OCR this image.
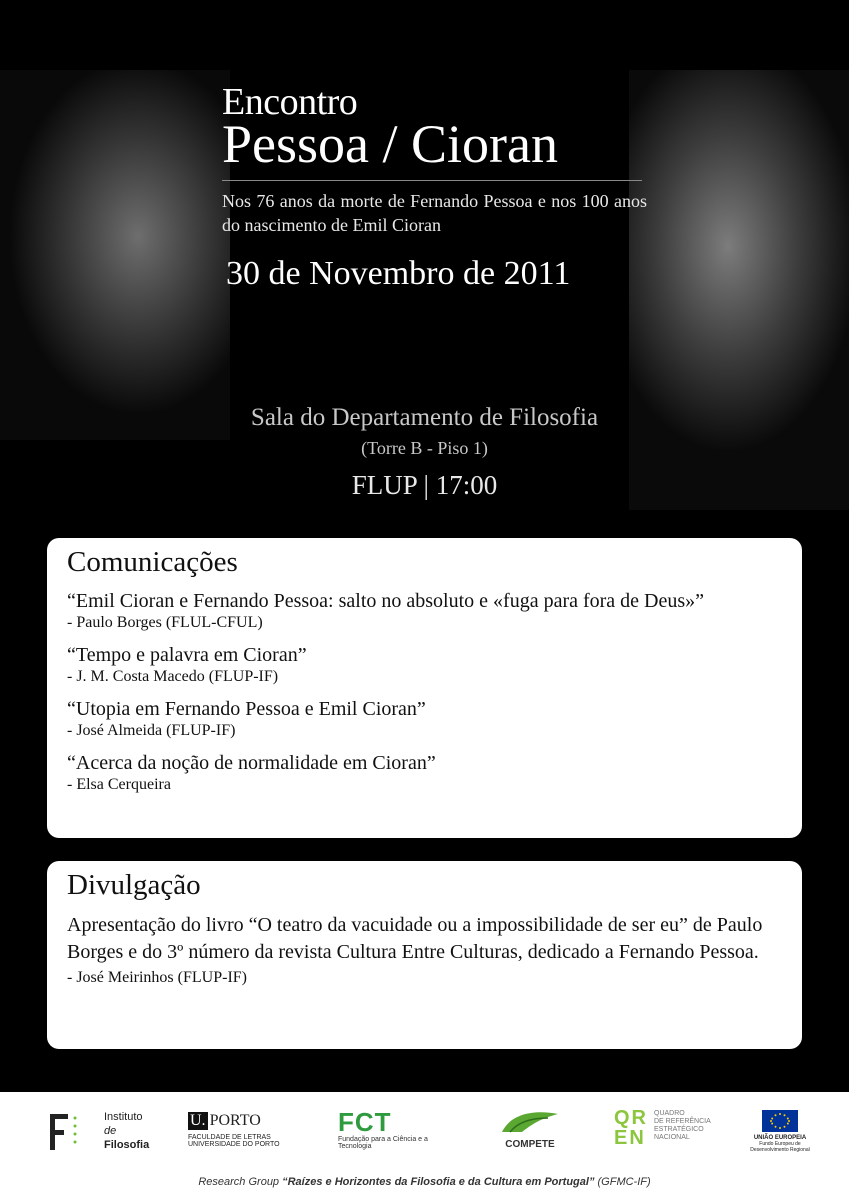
Encontro
Pessoa / Cioran
Nos 76 anos da morte de Fernando Pessoa e nos 100 anos do nascimento de Emil Cioran
30 de Novembro de 2011
Sala do Departamento de Filosofia
(Torre B - Piso 1)
FLUP | 17:00
Comunicações
“Emil Cioran e Fernando Pessoa: salto no absoluto e «fuga para fora de Deus»”
- Paulo Borges (FLUL-CFUL)
“Tempo e palavra em Cioran”
- J. M. Costa Macedo (FLUP-IF)
“Utopia em Fernando Pessoa e Emil Cioran”
- José Almeida (FLUP-IF)
“Acerca da noção de normalidade em Cioran”
- Elsa Cerqueira
Divulgação
Apresentação do livro “O teatro da vacuidade ou a impossibilidade de ser eu” de Paulo Borges e do 3º número da revista Cultura Entre Culturas, dedicado a Fernando Pessoa.
- José Meirinhos (FLUP-IF)
Instituto
de
Filosofia
U. PORTO
FACULDADE DE LETRAS
UNIVERSIDADE DO PORTO
FCT
Fundação para a Ciência e a Tecnologia	COMPETE
QREN
QUADRO
DE REFERÊNCIA
ESTRATÉGICO
NACIONAL	UNIÃO EUROPEIA
Fundo Europeu de Desenvolvimento Regional
Research Group “Raízes e Horizontes da Filosofia e da Cultura em Portugal” (GFMC-IF)
